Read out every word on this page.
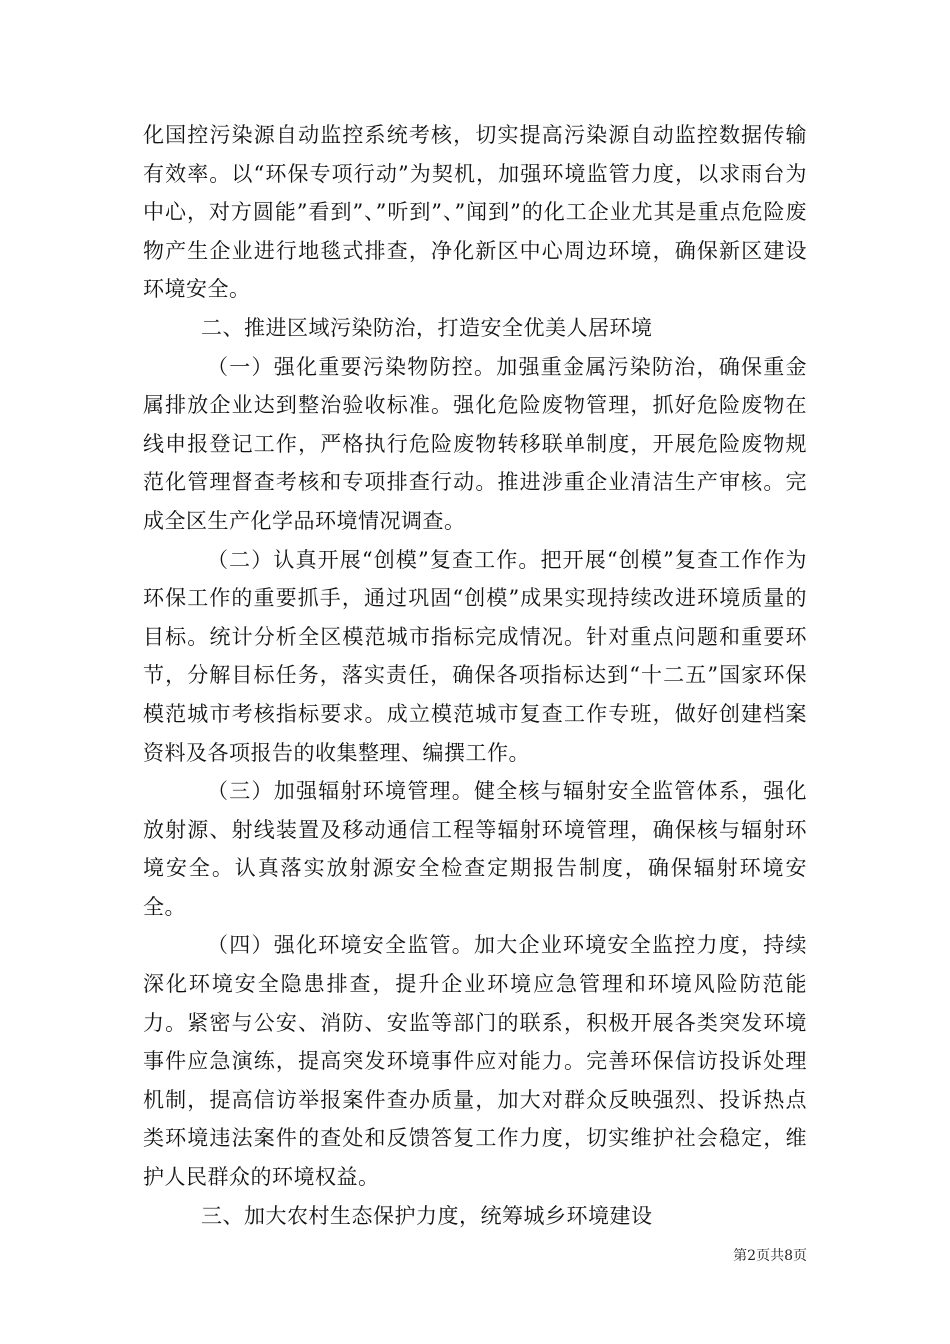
化国控污染源自动监控系统考核，切实提高污染源自动监控数据传输有效率。以“环保专项行动”为契机，加强环境监管力度，以求雨台为中心，对方圆能”看到”、”听到”、”闻到”的化工企业尤其是重点危险废物产生企业进行地毯式排查，净化新区中心周边环境，确保新区建设环境安全。

二、推进区域污染防治，打造安全优美人居环境

（一）强化重要污染物防控。加强重金属污染防治，确保重金属排放企业达到整治验收标准。强化危险废物管理，抓好危险废物在线申报登记工作，严格执行危险废物转移联单制度，开展危险废物规范化管理督查考核和专项排查行动。推进涉重企业清洁生产审核。完成全区生产化学品环境情况调查。

（二）认真开展“创模”复查工作。把开展“创模”复查工作作为环保工作的重要抓手，通过巩固“创模”成果实现持续改进环境质量的目标。统计分析全区模范城市指标完成情况。针对重点问题和重要环节，分解目标任务，落实责任，确保各项指标达到“十二五”国家环保模范城市考核指标要求。成立模范城市复查工作专班，做好创建档案资料及各项报告的收集整理、编撰工作。

（三）加强辐射环境管理。健全核与辐射安全监管体系，强化放射源、射线装置及移动通信工程等辐射环境管理，确保核与辐射环境安全。认真落实放射源安全检查定期报告制度，确保辐射环境安全。

（四）强化环境安全监管。加大企业环境安全监控力度，持续深化环境安全隐患排查，提升企业环境应急管理和环境风险防范能力。紧密与公安、消防、安监等部门的联系，积极开展各类突发环境事件应急演练，提高突发环境事件应对能力。完善环保信访投诉处理机制，提高信访举报案件查办质量，加大对群众反映强烈、投诉热点类环境违法案件的查处和反馈答复工作力度，切实维护社会稳定，维护人民群众的环境权益。

三、加大农村生态保护力度，统筹城乡环境建设

第2页共8页
